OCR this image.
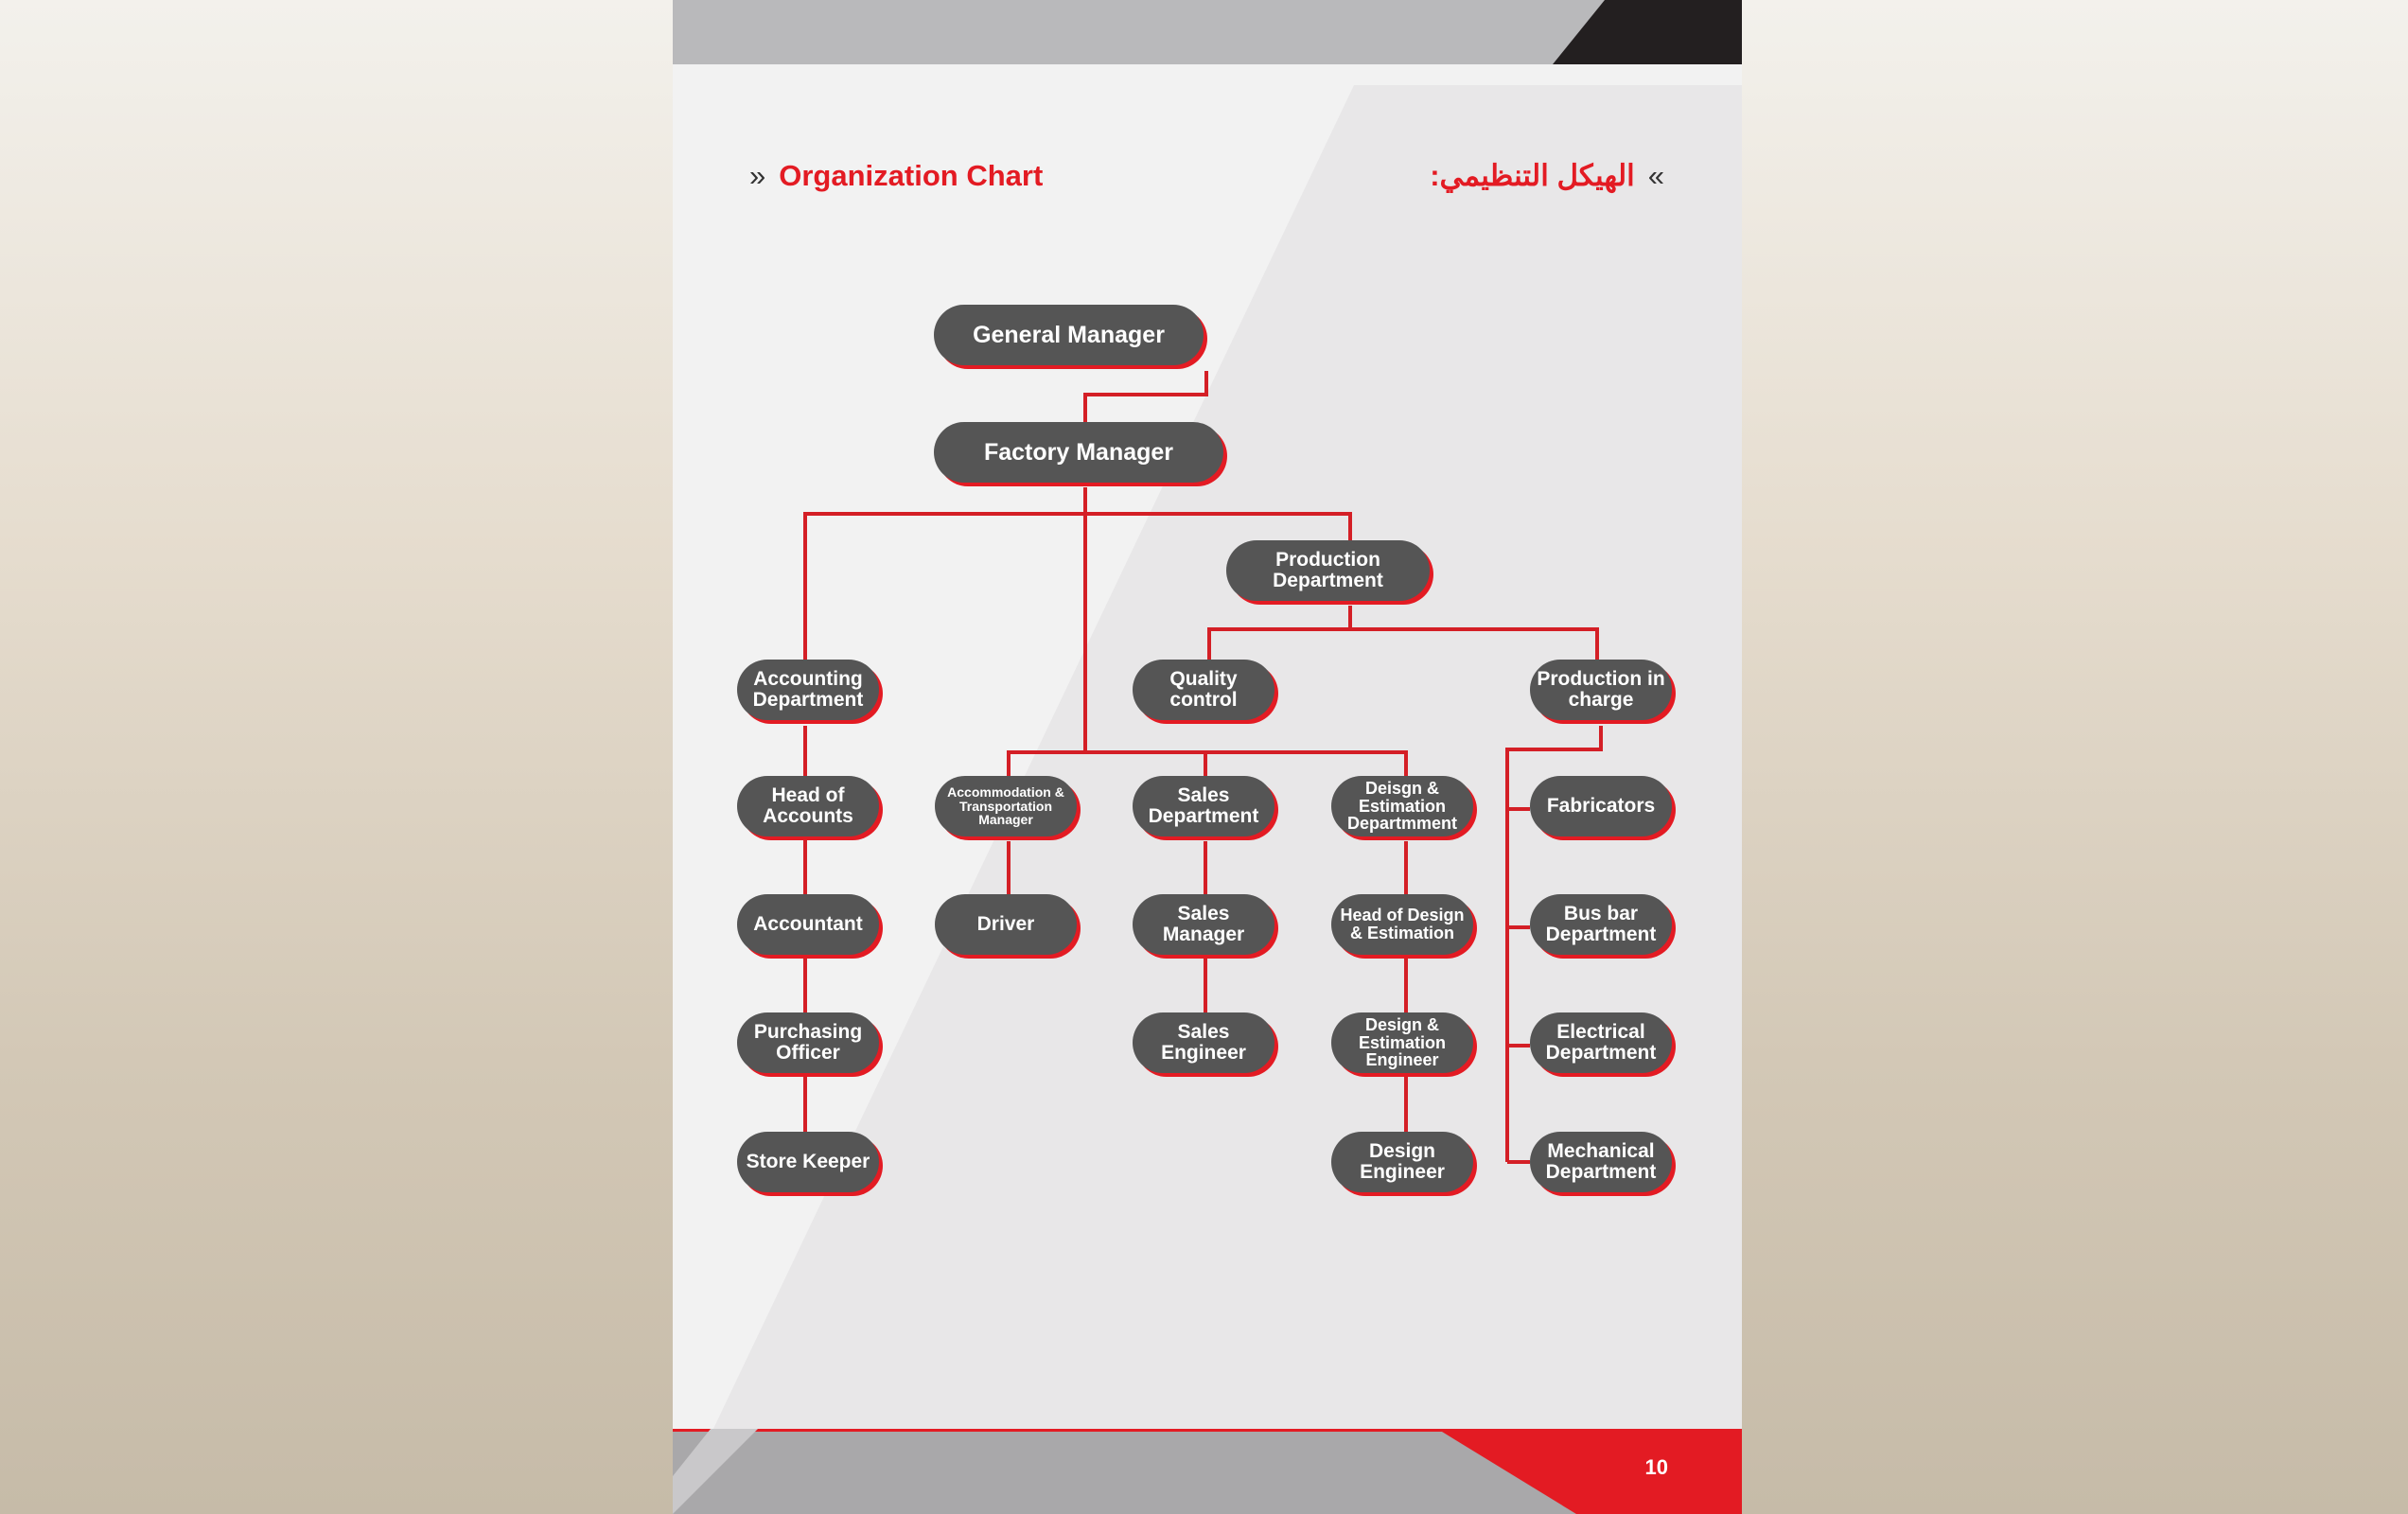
» Organization Chart	»الهيكل التنظيمي:
General Manager
Factory Manager
Production Department
Accounting Department
Quality control
Production in charge
Head of Accounts
Accommodation & Transportation Manager
Sales Department
Deisgn & Estimation Departmment
Fabricators
Accountant	Driver	Sales Manager
Head of Design & Estimation
Bus bar Department
Purchasing Officer
Sales Engineer
Design & Estimation Engineer
Electrical Department
Store Keeper	Design Engineer
Mechanical Department
10
